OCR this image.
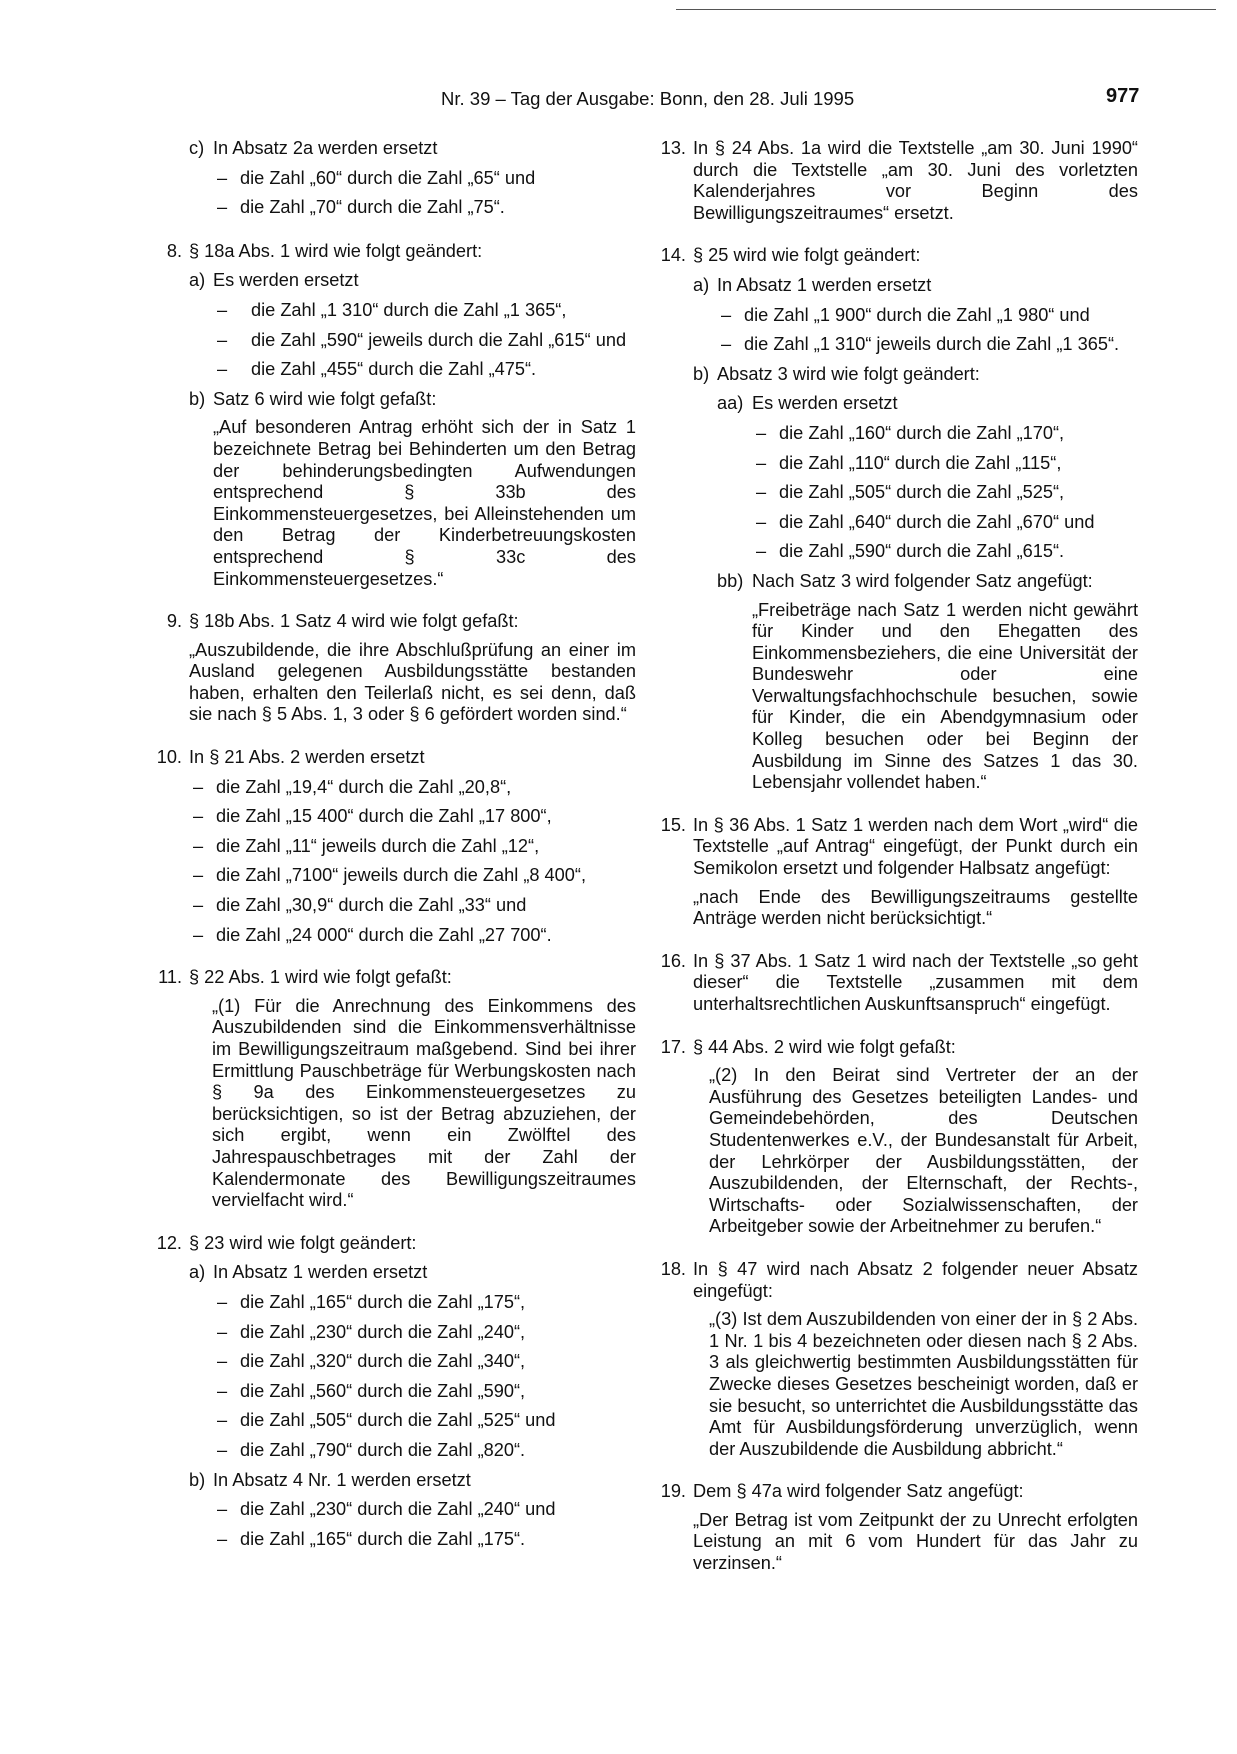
Nr. 39 – Tag der Ausgabe: Bonn, den 28. Juli 1995	977
c) In Absatz 2a werden ersetzt
– die Zahl „60“ durch die Zahl „65“ und
– die Zahl „70“ durch die Zahl „75“.
8. § 18a Abs. 1 wird wie folgt geändert:
a) Es werden ersetzt
– die Zahl „1 310“ durch die Zahl „1 365“,
– die Zahl „590“ jeweils durch die Zahl „615“ und
– die Zahl „455“ durch die Zahl „475“.
b) Satz 6 wird wie folgt gefaßt:
„Auf besonderen Antrag erhöht sich der in Satz 1 bezeichnete Betrag bei Behinderten um den Betrag der behinderungsbedingten Aufwendungen entsprechend § 33b des Einkommensteuergesetzes, bei Alleinstehenden um den Betrag der Kinderbetreuungskosten entsprechend § 33c des Einkommensteuergesetzes.“
9. § 18b Abs. 1 Satz 4 wird wie folgt gefaßt:
„Auszubildende, die ihre Abschlußprüfung an einer im Ausland gelegenen Ausbildungsstätte bestanden haben, erhalten den Teilerlaß nicht, es sei denn, daß sie nach § 5 Abs. 1, 3 oder § 6 gefördert worden sind.“
10. In § 21 Abs. 2 werden ersetzt
– die Zahl „19,4“ durch die Zahl „20,8“,
– die Zahl „15 400“ durch die Zahl „17 800“,
– die Zahl „11“ jeweils durch die Zahl „12“,
– die Zahl „7100“ jeweils durch die Zahl „8 400“,
– die Zahl „30,9“ durch die Zahl „33“ und
– die Zahl „24 000“ durch die Zahl „27 700“.
11. § 22 Abs. 1 wird wie folgt gefaßt:
„(1) Für die Anrechnung des Einkommens des Auszubildenden sind die Einkommensverhältnisse im Bewilligungszeitraum maßgebend. Sind bei ihrer Ermittlung Pauschbeträge für Werbungskosten nach § 9a des Einkommensteuergesetzes zu berücksichtigen, so ist der Betrag abzuziehen, der sich ergibt, wenn ein Zwölftel des Jahrespauschbetrages mit der Zahl der Kalendermonate des Bewilligungszeitraumes vervielfacht wird.“
12. § 23 wird wie folgt geändert:
a) In Absatz 1 werden ersetzt
– die Zahl „165“ durch die Zahl „175“,
– die Zahl „230“ durch die Zahl „240“,
– die Zahl „320“ durch die Zahl „340“,
– die Zahl „560“ durch die Zahl „590“,
– die Zahl „505“ durch die Zahl „525“ und
– die Zahl „790“ durch die Zahl „820“.
b) In Absatz 4 Nr. 1 werden ersetzt
– die Zahl „230“ durch die Zahl „240“ und
– die Zahl „165“ durch die Zahl „175“.
13. In § 24 Abs. 1a wird die Textstelle „am 30. Juni 1990“ durch die Textstelle „am 30. Juni des vorletzten Kalenderjahres vor Beginn des Bewilligungszeitraumes“ ersetzt.
14. § 25 wird wie folgt geändert:
a) In Absatz 1 werden ersetzt
– die Zahl „1 900“ durch die Zahl „1 980“ und
– die Zahl „1 310“ jeweils durch die Zahl „1 365“.
b) Absatz 3 wird wie folgt geändert:
aa) Es werden ersetzt
– die Zahl „160“ durch die Zahl „170“,
– die Zahl „110“ durch die Zahl „115“,
– die Zahl „505“ durch die Zahl „525“,
– die Zahl „640“ durch die Zahl „670“ und
– die Zahl „590“ durch die Zahl „615“.
bb) Nach Satz 3 wird folgender Satz angefügt:
„Freibeträge nach Satz 1 werden nicht gewährt für Kinder und den Ehegatten des Einkommensbeziehers, die eine Universität der Bundeswehr oder eine Verwaltungsfachhochschule besuchen, sowie für Kinder, die ein Abendgymnasium oder Kolleg besuchen oder bei Beginn der Ausbildung im Sinne des Satzes 1 das 30. Lebensjahr vollendet haben.“
15. In § 36 Abs. 1 Satz 1 werden nach dem Wort „wird“ die Textstelle „auf Antrag“ eingefügt, der Punkt durch ein Semikolon ersetzt und folgender Halbsatz angefügt:
„nach Ende des Bewilligungszeitraums gestellte Anträge werden nicht berücksichtigt.“
16. In § 37 Abs. 1 Satz 1 wird nach der Textstelle „so geht dieser“ die Textstelle „zusammen mit dem unterhaltsrechtlichen Auskunftsanspruch“ eingefügt.
17. § 44 Abs. 2 wird wie folgt gefaßt:
„(2) In den Beirat sind Vertreter der an der Ausführung des Gesetzes beteiligten Landes- und Gemeindebehörden, des Deutschen Studentenwerkes e.V., der Bundesanstalt für Arbeit, der Lehrkörper der Ausbildungsstätten, der Auszubildenden, der Elternschaft, der Rechts-, Wirtschafts- oder Sozialwissenschaften, der Arbeitgeber sowie der Arbeitnehmer zu berufen.“
18. In § 47 wird nach Absatz 2 folgender neuer Absatz eingefügt:
„(3) Ist dem Auszubildenden von einer der in § 2 Abs. 1 Nr. 1 bis 4 bezeichneten oder diesen nach § 2 Abs. 3 als gleichwertig bestimmten Ausbildungsstätten für Zwecke dieses Gesetzes bescheinigt worden, daß er sie besucht, so unterrichtet die Ausbildungsstätte das Amt für Ausbildungsförderung unverzüglich, wenn der Auszubildende die Ausbildung abbricht.“
19. Dem § 47a wird folgender Satz angefügt:
„Der Betrag ist vom Zeitpunkt der zu Unrecht erfolgten Leistung an mit 6 vom Hundert für das Jahr zu verzinsen.“
